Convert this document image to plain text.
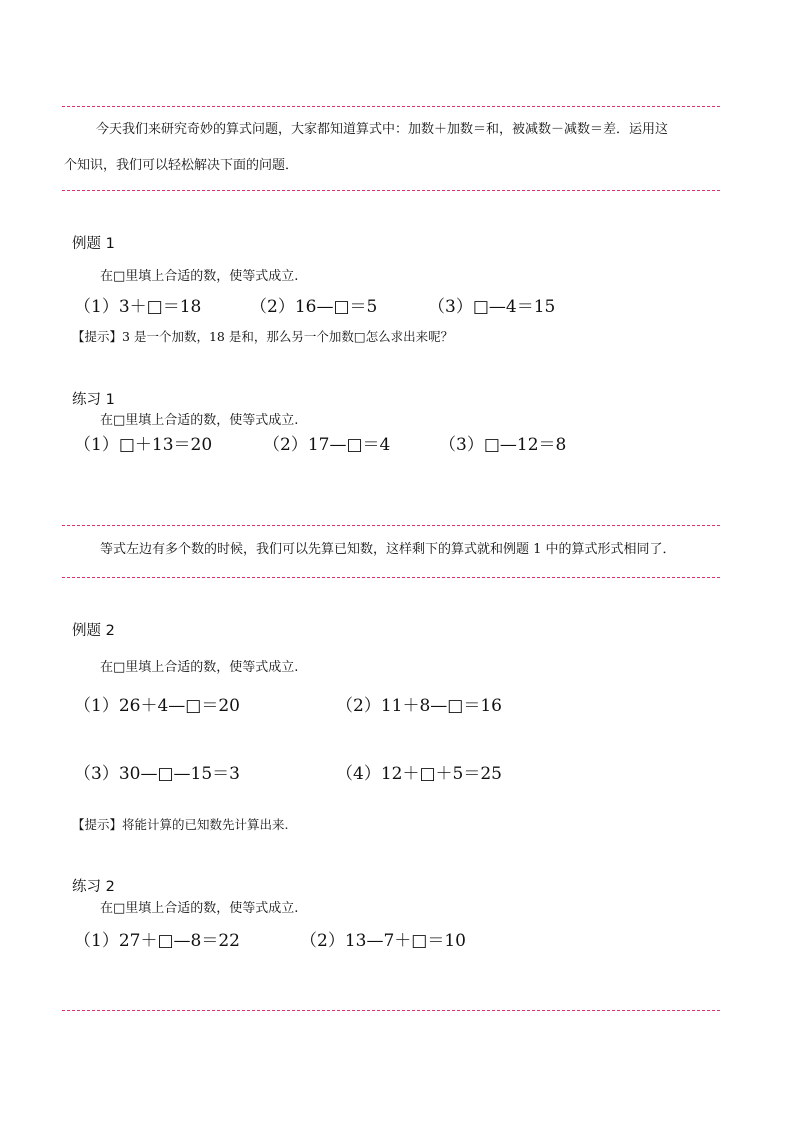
今天我们来研究奇妙的算式问题，大家都知道算式中：加数＋加数＝和，被减数－减数＝差．运用这
个知识，我们可以轻松解决下面的问题．
例题 1
在□里填上合适的数，使等式成立.
（1）3＋□＝18	（2）16—□＝5	（3）□—4＝15
【提示】3 是一个加数，18 是和，那么另一个加数□怎么求出来呢？
练习 1
在□里填上合适的数，使等式成立.
（1）□＋13＝20	（2）17—□＝4	（3）□—12＝8
等式左边有多个数的时候，我们可以先算已知数，这样剩下的算式就和例题 1 中的算式形式相同了．
例题 2
在□里填上合适的数，使等式成立.
（1）26＋4—□＝20	（2）11＋8—□＝16
（3）30—□—15＝3	（4）12＋□＋5＝25
【提示】将能计算的已知数先计算出来.
练习 2
在□里填上合适的数，使等式成立.
（1）27＋□—8＝22	（2）13—7＋□＝10
